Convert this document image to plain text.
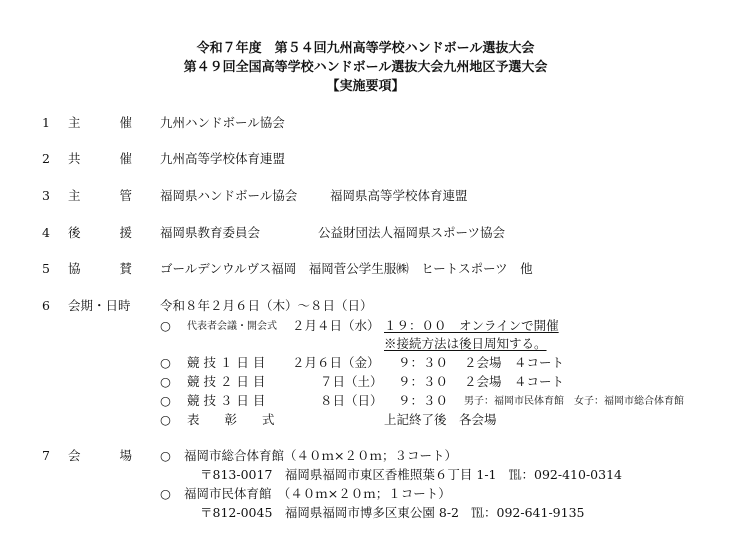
令和７年度　第５４回九州高等学校ハンドボール選抜大会
第４９回全国高等学校ハンドボール選抜大会九州地区予選大会
【実施要項】
1 主	催 九州ハンドボール協会
2 共	催 九州高等学校体育連盟
3 主	管 福岡県ハンドボール協会	福岡県高等学校体育連盟
4 後	援 福岡県教育委員会	公益財団法人福岡県スポーツ協会
5 協	賛 ゴールデンウルヴス福岡　福岡菅公学生服㈱　ヒートスポーツ　他
6 会期・日時 令和８年２月６日（木）～８日（日）
○ 代表者会議・開会式 ２月４日（水） １９：００　オンラインで開催
※接続方法は後日周知する。
○ 競 技 １ 日 目 ２月６日（金） ９：３０ ２会場　４コート
○ 競 技 ２ 日 目	７日（土） ９：３０ ２会場　４コート
○ 競 技 ３ 日 目	８日（日） ９：３０ 男子：福岡市民体育館　女子：福岡市総合体育館
○ 表　　彰　　式	上記終了後　各会場
7 会	場 ○ 福岡市総合体育館（４０ｍ×２０ｍ；３コート）
〒813-0017　福岡県福岡市東区香椎照葉６丁目 1-1　℡：092-410-0314
○ 福岡市民体育館　（４０ｍ×２０ｍ；１コート）
〒812-0045　福岡県福岡市博多区東公園 8-2　℡：092-641-9135
